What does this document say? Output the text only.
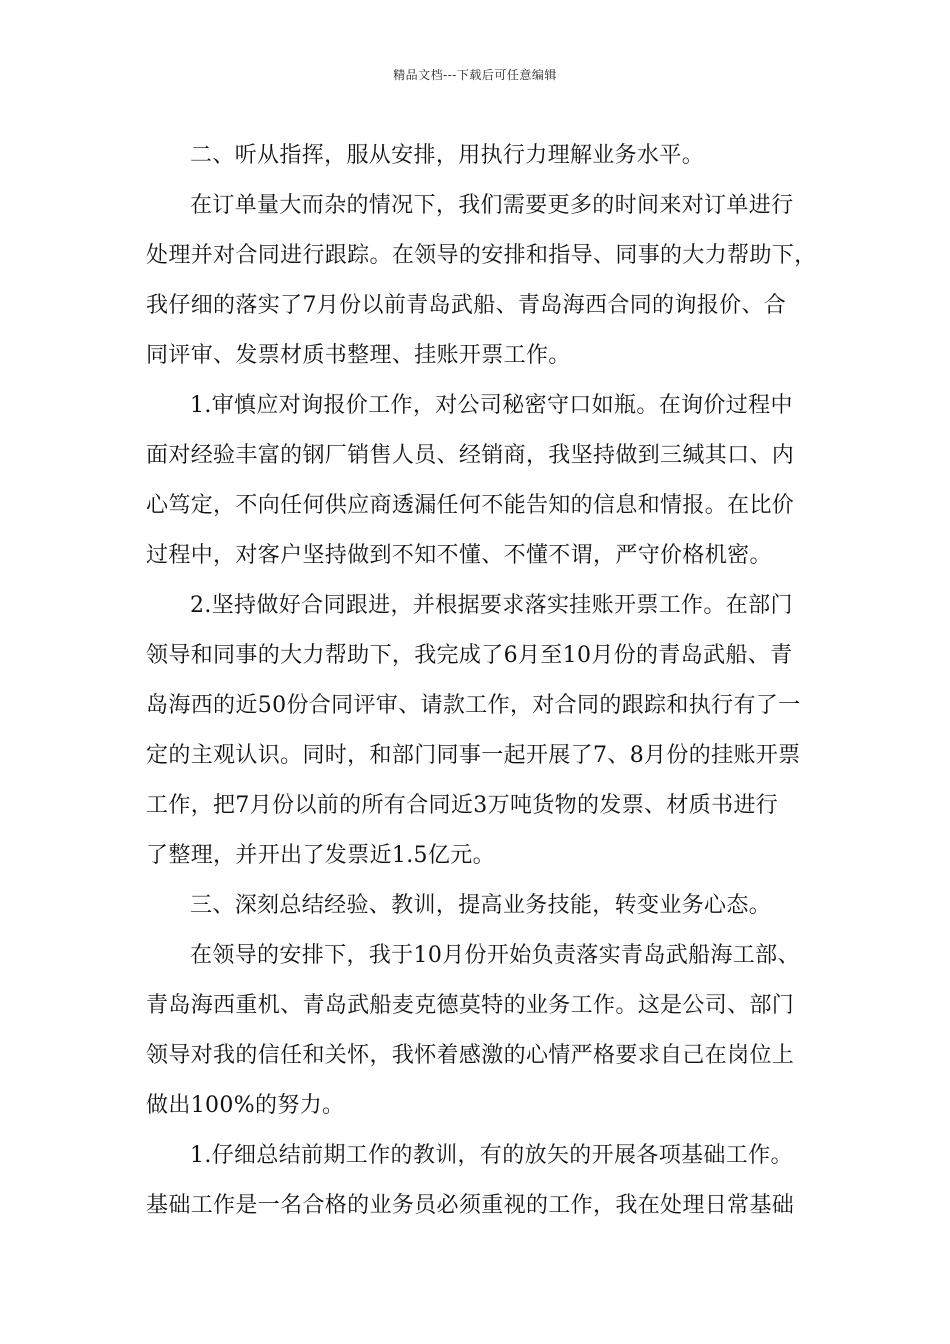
精品文档---下载后可任意编辑
二、听从指挥，服从安排，用执行力理解业务水平。
在订单量大而杂的情况下，我们需要更多的时间来对订单进行
处理并对合同进行跟踪。在领导的安排和指导、同事的大力帮助下，
我仔细的落实了7月份以前青岛武船、青岛海西合同的询报价、合
同评审、发票材质书整理、挂账开票工作。
1.审慎应对询报价工作，对公司秘密守口如瓶。在询价过程中
面对经验丰富的钢厂销售人员、经销商，我坚持做到三缄其口、内
心笃定，不向任何供应商透漏任何不能告知的信息和情报。在比价
过程中，对客户坚持做到不知不懂、不懂不谓，严守价格机密。
2.坚持做好合同跟进，并根据要求落实挂账开票工作。在部门
领导和同事的大力帮助下，我完成了6月至10月份的青岛武船、青
岛海西的近50份合同评审、请款工作，对合同的跟踪和执行有了一
定的主观认识。同时，和部门同事一起开展了7、8月份的挂账开票
工作，把7月份以前的所有合同近3万吨货物的发票、材质书进行
了整理，并开出了发票近1.5亿元。
三、深刻总结经验、教训，提高业务技能，转变业务心态。
在领导的安排下，我于10月份开始负责落实青岛武船海工部、
青岛海西重机、青岛武船麦克德莫特的业务工作。这是公司、部门
领导对我的信任和关怀，我怀着感激的心情严格要求自己在岗位上
做出100%的努力。
1.仔细总结前期工作的教训，有的放矢的开展各项基础工作。
基础工作是一名合格的业务员必须重视的工作，我在处理日常基础
